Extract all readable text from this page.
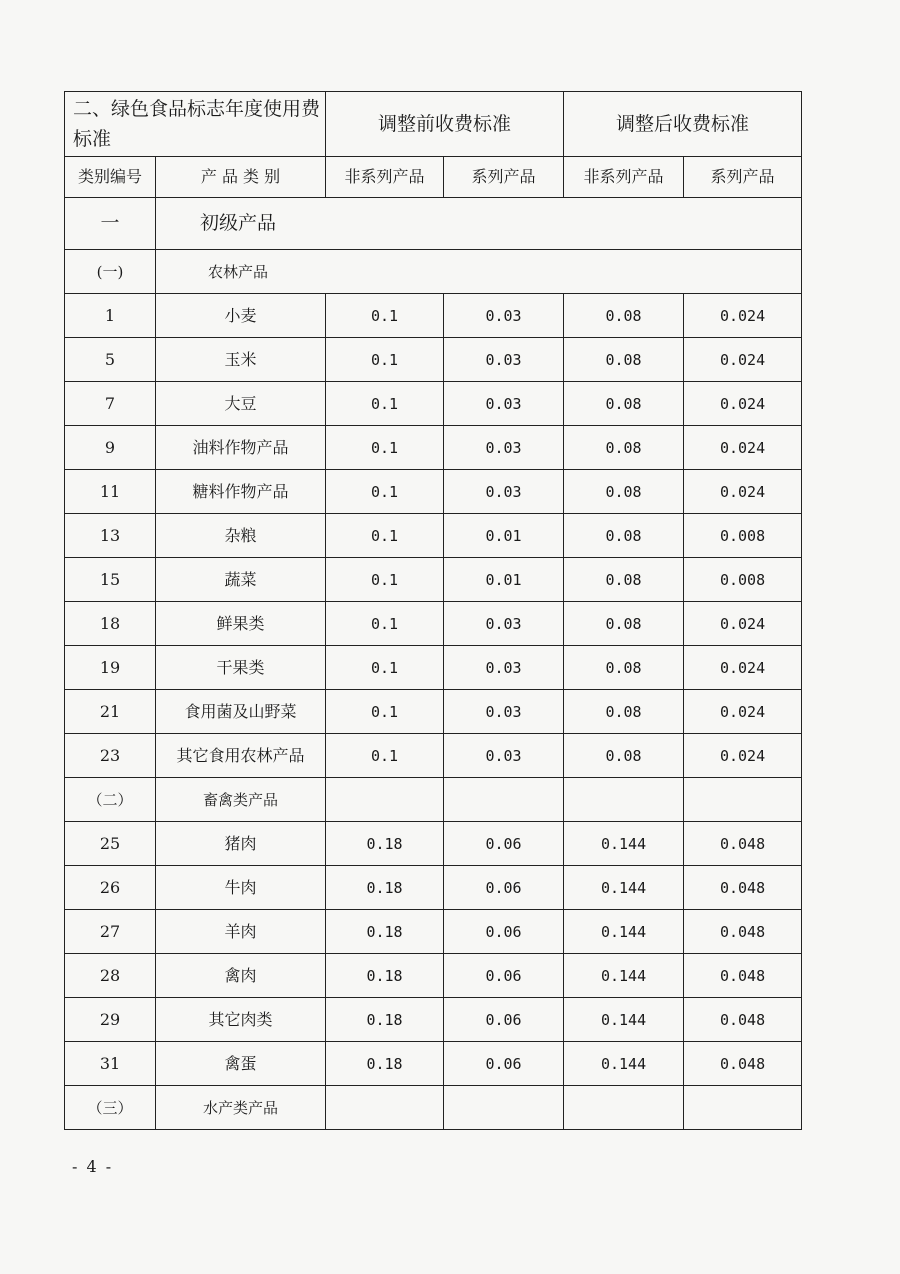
二、绿色食品标志年度使用费标准		调整前收费标准		调整后收费标准	
类别编号	产 品 类 别	非系列产品	系列产品	非系列产品	系列产品
一	初级产品				
(一)	农林产品				
1	小麦	0.1	0.03	0.08	0.024
5	玉米	0.1	0.03	0.08	0.024
7	大豆	0.1	0.03	0.08	0.024
9	油料作物产品	0.1	0.03	0.08	0.024
11	糖料作物产品	0.1	0.03	0.08	0.024
13	杂粮	0.1	0.01	0.08	0.008
15	蔬菜	0.1	0.01	0.08	0.008
18	鲜果类	0.1	0.03	0.08	0.024
19	干果类	0.1	0.03	0.08	0.024
21	食用菌及山野菜	0.1	0.03	0.08	0.024
23	其它食用农林产品	0.1	0.03	0.08	0.024
（二）	畜禽类产品				
25	猪肉	0.18	0.06	0.144	0.048
26	牛肉	0.18	0.06	0.144	0.048
27	羊肉	0.18	0.06	0.144	0.048
28	禽肉	0.18	0.06	0.144	0.048
29	其它肉类	0.18	0.06	0.144	0.048
31	禽蛋	0.18	0.06	0.144	0.048
（三）	水产类产品				
- 4 -
